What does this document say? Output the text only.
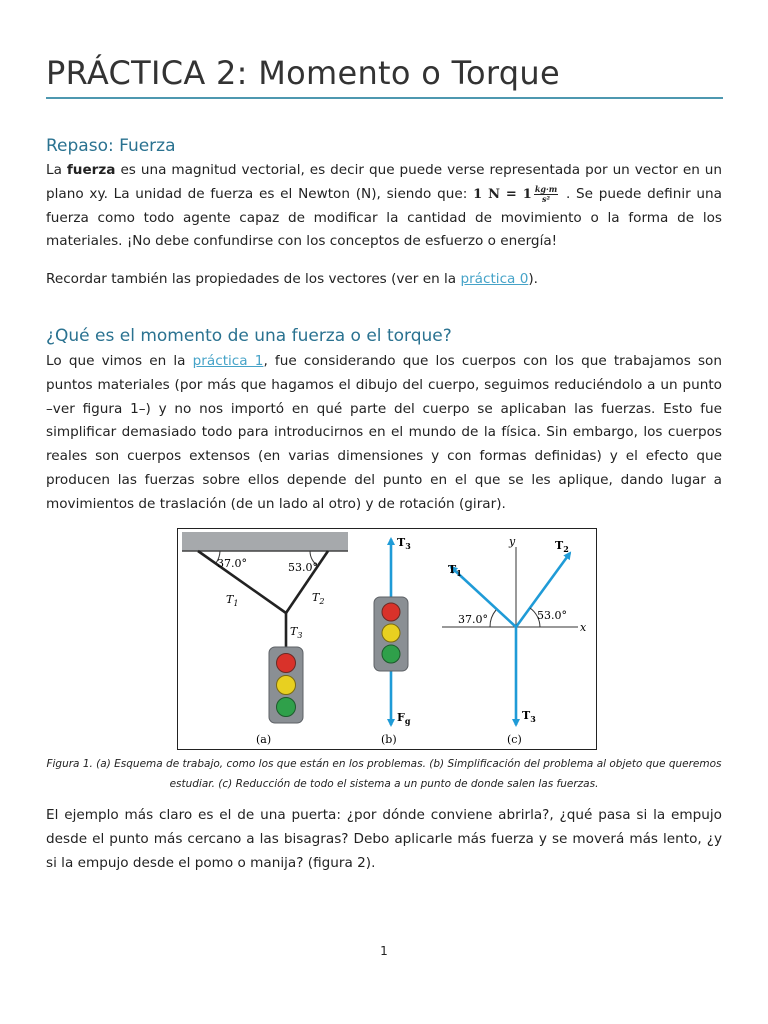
PRÁCTICA 2: Momento o Torque
Repaso: Fuerza

La fuerza es una magnitud vectorial, es decir que puede verse representada por un vector en un plano xy. La unidad de fuerza es el Newton (N), siendo que: 1 $N = 1 \frac{kg\cdot m}{\text{s²}}$ . Se puede definir una fuerza como todo agente capaz de modificar la cantidad de movimiento o la forma de los materiales. ¡No debe confundirse con los conceptos de esfuerzo o energía!

Recordar también las propiedades de los vectores (ver en la práctica 0).

¿Qué es el momento de una fuerza o el torque?

Lo que vimos en la práctica 1, fue considerando que los cuerpos con los que trabajamos son puntos materiales (por más que hagamos el dibujo del cuerpo, seguimos reduciéndolo a un punto –ver figura 1–) y no nos importó en qué parte del cuerpo se aplicaban las fuerzas. Esto fue simplificar demasiado todo para introducirnos en el mundo de la física. Sin embargo, los cuerpos reales son cuerpos extensos (en varias dimensiones y con formas definidas) y el efecto que producen las fuerzas sobre ellos depende del punto en el que se les aplique, dando lugar a movimientos de traslación (de un lado al otro) y de rotación (girar).

37.0°	53.0°
$T_1$	$T_2$
$T_3$
(a)
$T_3$
$F_g$
(b)
y
x
37.0°	53.0°
$T_1$
$T_2$
$T_3$
(c)

Figura 1. (a) Esquema de trabajo, como los que están en los problemas. (b) Simplificación del problema al objeto que queremos estudiar. (c) Reducción de todo el sistema a un punto de donde salen las fuerzas.

El ejemplo más claro es el de una puerta: ¿por dónde conviene abrirla?, ¿qué pasa si la empujo desde el punto más cercano a las bisagras? Debo aplicarle más fuerza y se moverá más lento, ¿y si la empujo desde el pomo o manija? (figura 2).

1
